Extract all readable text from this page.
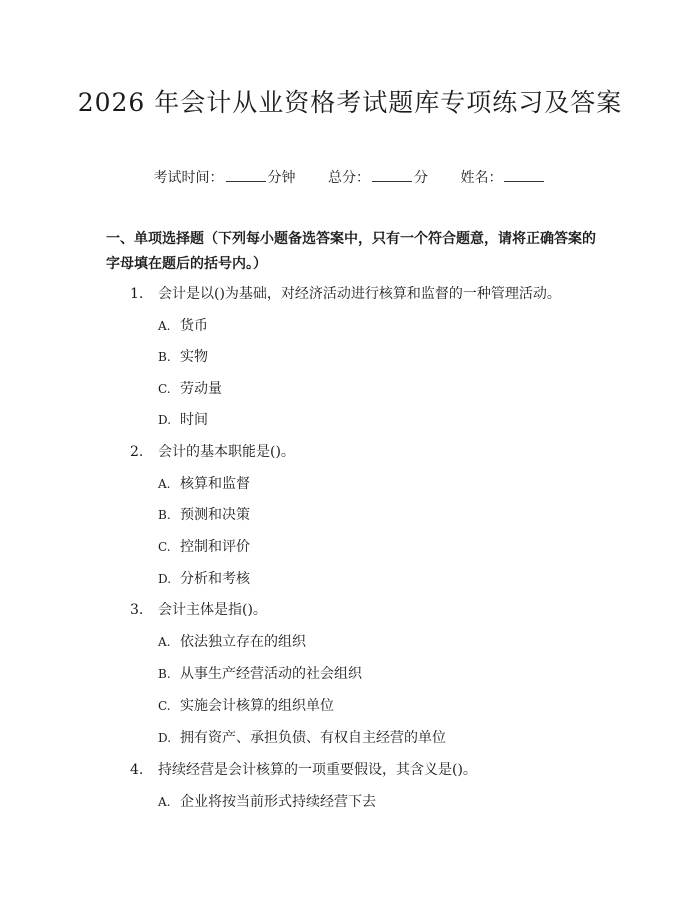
2026 年会计从业资格考试题库专项练习及答案
考试时间：	分钟 总分：	分 姓名：

一、单项选择题（下列每小题备选答案中，只有一个符合题意，请将正确答案的字母填在题后的括号内。）

1. 会计是以()为基础，对经济活动进行核算和监督的一种管理活动。
A. 货币
B. 实物
C. 劳动量
D. 时间
2. 会计的基本职能是()。
A. 核算和监督
B. 预测和决策
C. 控制和评价
D. 分析和考核
3. 会计主体是指()。
A. 依法独立存在的组织
B. 从事生产经营活动的社会组织
C. 实施会计核算的组织单位
D. 拥有资产、承担负债、有权自主经营的单位
4. 持续经营是会计核算的一项重要假设，其含义是()。
A. 企业将按当前形式持续经营下去
